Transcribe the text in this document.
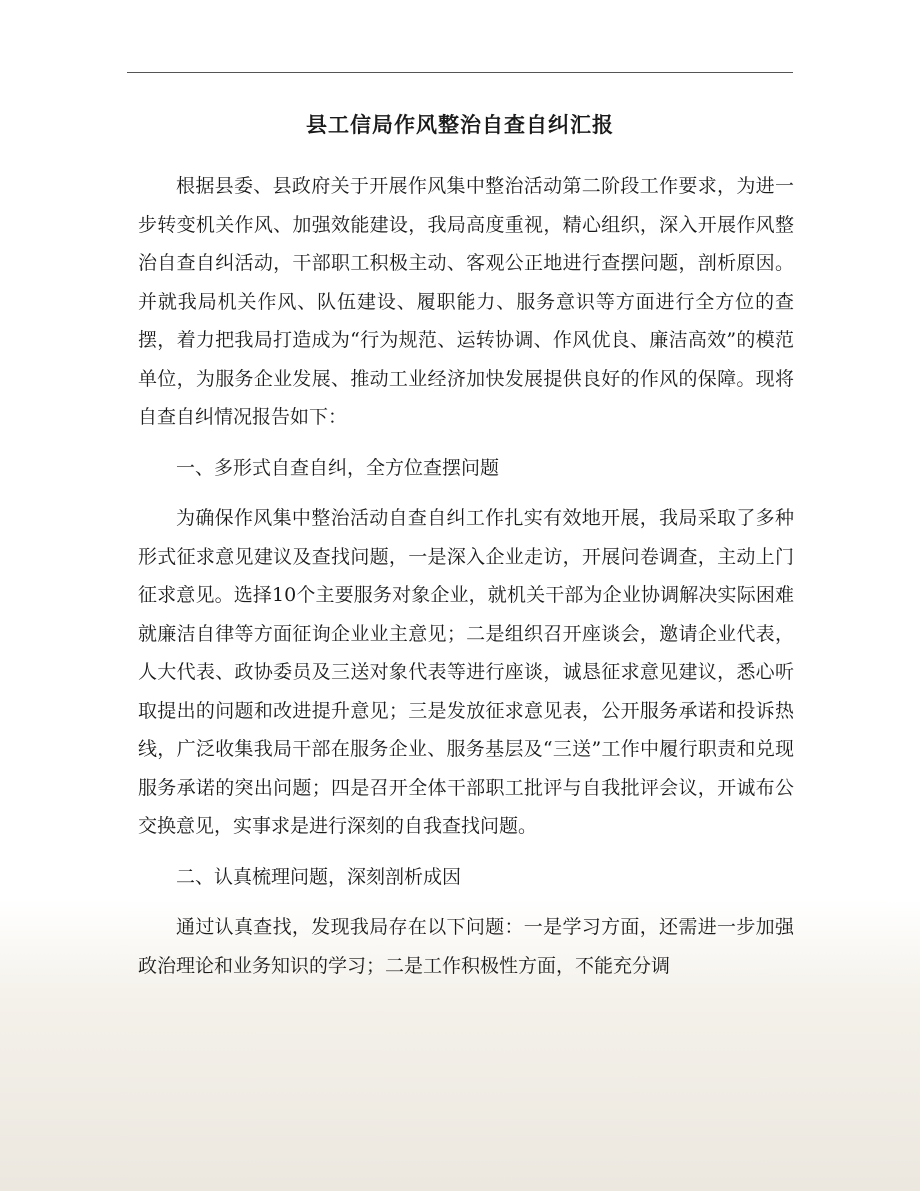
县工信局作风整治自查自纠汇报

根据县委、县政府关于开展作风集中整治活动第二阶段工作要求，为进一步转变机关作风、加强效能建设，我局高度重视，精心组织，深入开展作风整治自查自纠活动，干部职工积极主动、客观公正地进行查摆问题，剖析原因。并就我局机关作风、队伍建设、履职能力、服务意识等方面进行全方位的查摆，着力把我局打造成为“行为规范、运转协调、作风优良、廉洁高效”的模范单位，为服务企业发展、推动工业经济加快发展提供良好的作风的保障。现将自查自纠情况报告如下：

一、多形式自查自纠，全方位查摆问题

为确保作风集中整治活动自查自纠工作扎实有效地开展，我局采取了多种形式征求意见建议及查找问题，一是深入企业走访，开展问卷调查，主动上门征求意见。选择10个主要服务对象企业，就机关干部为企业协调解决实际困难就廉洁自律等方面征询企业业主意见；二是组织召开座谈会，邀请企业代表，人大代表、政协委员及三送对象代表等进行座谈，诚恳征求意见建议，悉心听取提出的问题和改进提升意见；三是发放征求意见表，公开服务承诺和投诉热线，广泛收集我局干部在服务企业、服务基层及“三送”工作中履行职责和兑现服务承诺的突出问题；四是召开全体干部职工批评与自我批评会议，开诚布公交换意见，实事求是进行深刻的自我查找问题。

二、认真梳理问题，深刻剖析成因

通过认真查找，发现我局存在以下问题：一是学习方面，还需进一步加强政治理论和业务知识的学习；二是工作积极性方面，不能充分调
